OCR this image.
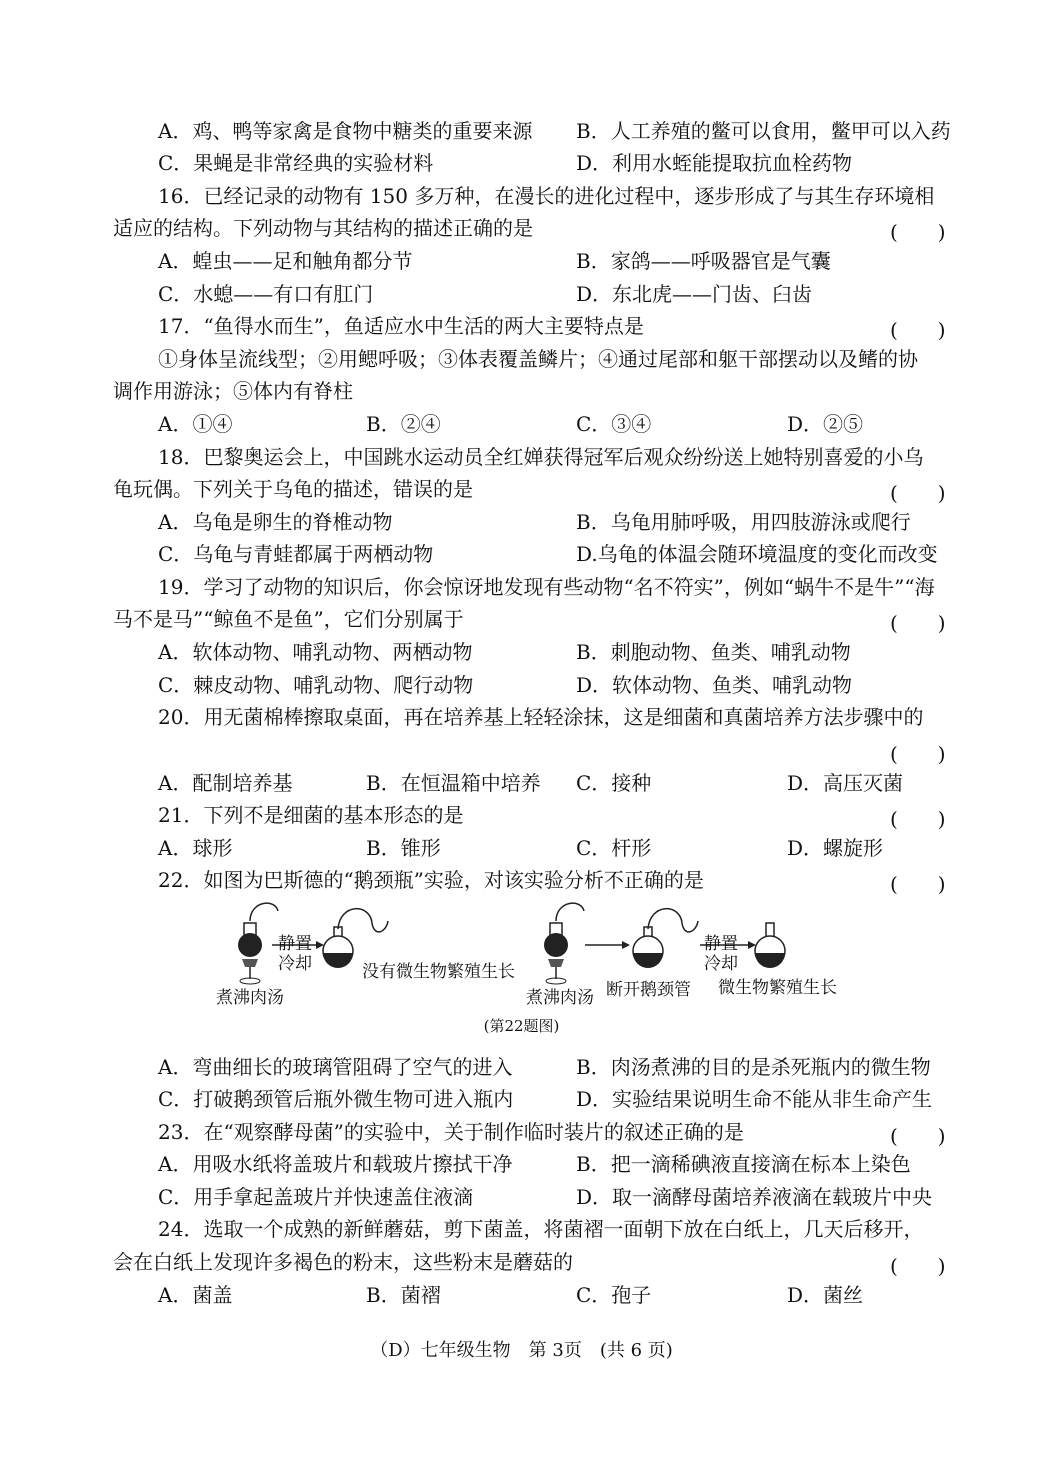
A．鸡、鸭等家禽是食物中糖类的重要来源 B．人工养殖的鳖可以食用，鳖甲可以入药
C．果蝇是非常经典的实验材料	D．利用水蛭能提取抗血栓药物
16．已经记录的动物有 150 多万种，在漫长的进化过程中，逐步形成了与其生存环境相
适应的结构。下列动物与其结构的描述正确的是	(　　)
A．蝗虫——足和触角都分节	B．家鸽——呼吸器官是气囊
C．水螅——有口有肛门	D．东北虎——门齿、臼齿
17．“鱼得水而生”，鱼适应水中生活的两大主要特点是	(　　)
①身体呈流线型；②用鳃呼吸；③体表覆盖鳞片；④通过尾部和躯干部摆动以及鳍的协
调作用游泳；⑤体内有脊柱
A．①④	B．②④	C．③④	D．②⑤
18．巴黎奥运会上，中国跳水运动员全红婵获得冠军后观众纷纷送上她特别喜爱的小乌
龟玩偶。下列关于乌龟的描述，错误的是	(　　)
A．乌龟是卵生的脊椎动物	B．乌龟用肺呼吸，用四肢游泳或爬行
C．乌龟与青蛙都属于两栖动物	D.乌龟的体温会随环境温度的变化而改变
19．学习了动物的知识后，你会惊讶地发现有些动物“名不符实”，例如“蜗牛不是牛”“海
马不是马”“鲸鱼不是鱼”，它们分别属于	(　　)
A．软体动物、哺乳动物、两栖动物	B．刺胞动物、鱼类、哺乳动物
C．棘皮动物、哺乳动物、爬行动物	D．软体动物、鱼类、哺乳动物
20．用无菌棉棒擦取桌面，再在培养基上轻轻涂抹，这是细菌和真菌培养方法步骤中的
(　　)
A．配制培养基	B．在恒温箱中培养 C．接种	D．高压灭菌
21．下列不是细菌的基本形态的是	(　　)
A．球形	B．锥形	C．杆形	D．螺旋形
22．如图为巴斯德的“鹅颈瓶”实验，对该实验分析不正确的是	(　　)
静置
冷却	没有微生物繁殖生长
煮沸肉汤	煮沸肉汤 断开鹅颈管
静置
冷却
微生物繁殖生长
(第22题图)
A．弯曲细长的玻璃管阻碍了空气的进入	B．肉汤煮沸的目的是杀死瓶内的微生物
C．打破鹅颈管后瓶外微生物可进入瓶内	D．实验结果说明生命不能从非生命产生
23．在“观察酵母菌”的实验中，关于制作临时装片的叙述正确的是	(　　)
A．用吸水纸将盖玻片和载玻片擦拭干净	B．把一滴稀碘液直接滴在标本上染色
C．用手拿起盖玻片并快速盖住液滴	D．取一滴酵母菌培养液滴在载玻片中央
24．选取一个成熟的新鲜蘑菇，剪下菌盖，将菌褶一面朝下放在白纸上，几天后移开，
会在白纸上发现许多褐色的粉末，这些粉末是蘑菇的	(　　)
A．菌盖	B．菌褶	C．孢子	D．菌丝
（D）七年级生物　第 3页　(共 6 页)
